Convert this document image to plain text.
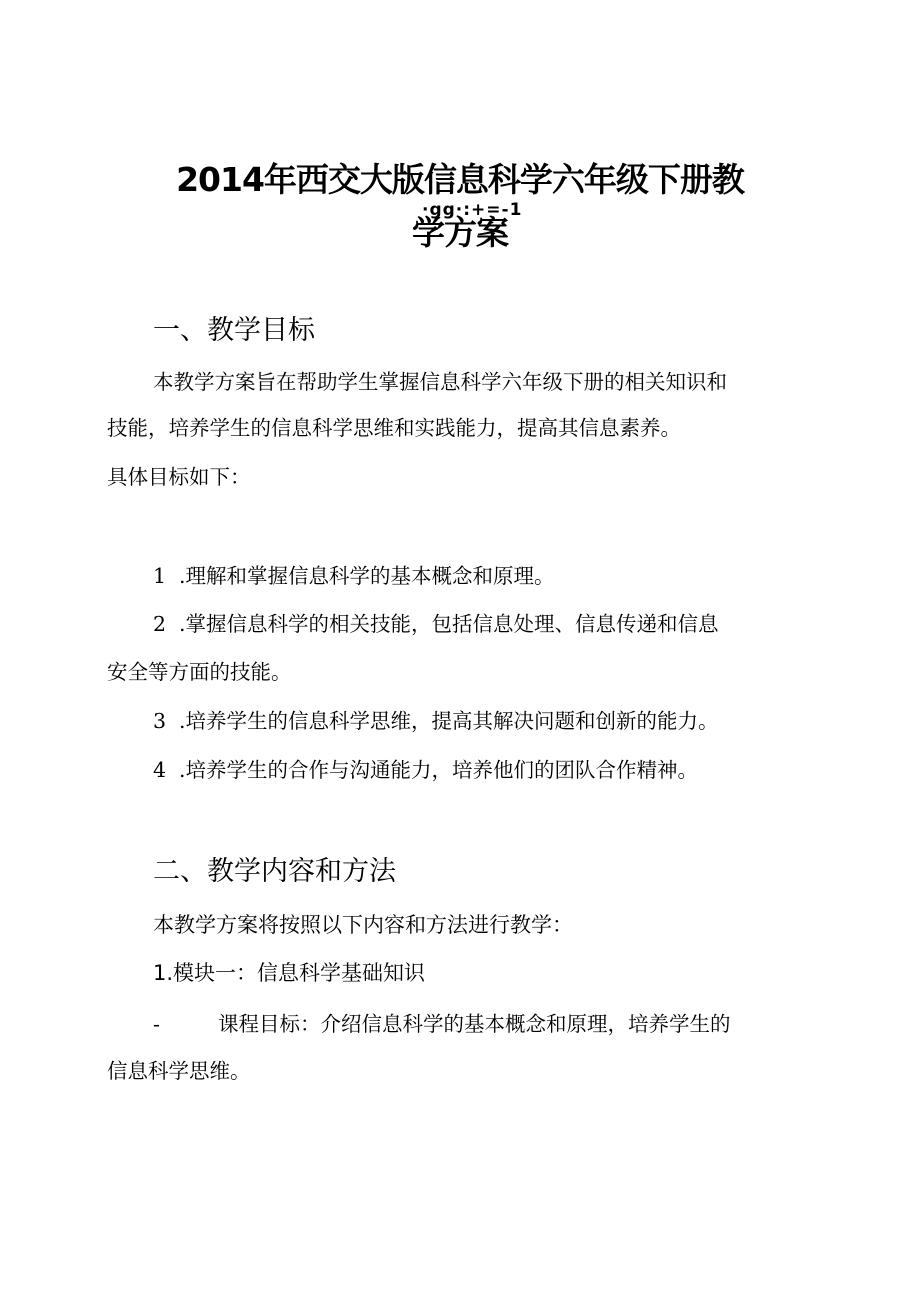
2014年西交大版信息科学六年级下册教
·gg·:+=-1
学方案
一、教学目标
本教学方案旨在帮助学生掌握信息科学六年级下册的相关知识和
技能，培养学生的信息科学思维和实践能力，提高其信息素养。
具体目标如下：
1 .理解和掌握信息科学的基本概念和原理。
2 .掌握信息科学的相关技能，包括信息处理、信息传递和信息
安全等方面的技能。
3 .培养学生的信息科学思维，提高其解决问题和创新的能力。
4 .培养学生的合作与沟通能力，培养他们的团队合作精神。
二、教学内容和方法
本教学方案将按照以下内容和方法进行教学：
1.模块一：信息科学基础知识
-	课程目标：介绍信息科学的基本概念和原理，培养学生的
信息科学思维。
